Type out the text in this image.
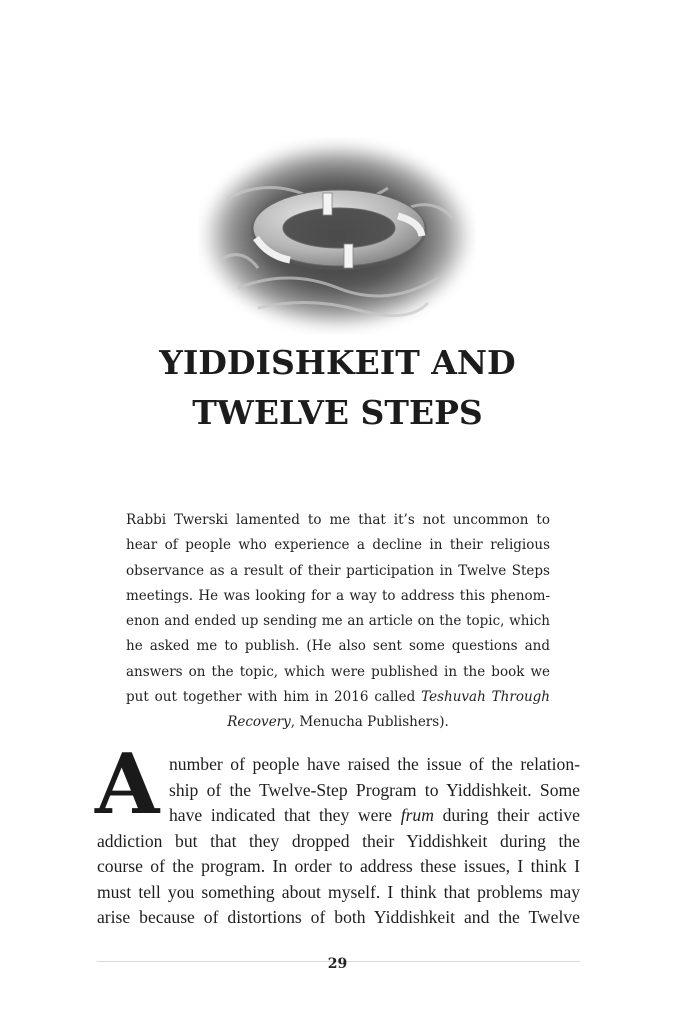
YIDDISHKEIT AND
TWELVE STEPS
Rabbi Twerski lamented to me that it’s not uncommon to
hear of people who experience a decline in their religious
observance as a result of their participation in Twelve Steps
meetings. He was looking for a way to address this phenom-
enon and ended up sending me an article on the topic, which
he asked me to publish. (He also sent some questions and
answers on the topic, which were published in the book we
put out together with him in 2016 called Teshuvah Through
Recovery, Menucha Publishers).
A number of people have raised the issue of the relation-
ship of the Twelve-Step Program to Yiddishkeit. Some
have indicated that they were frum during their active
addiction but that they dropped their Yiddishkeit during the
course of the program. In order to address these issues, I think I
must tell you something about myself. I think that problems may
arise because of distortions of both Yiddishkeit and the Twelve
29
